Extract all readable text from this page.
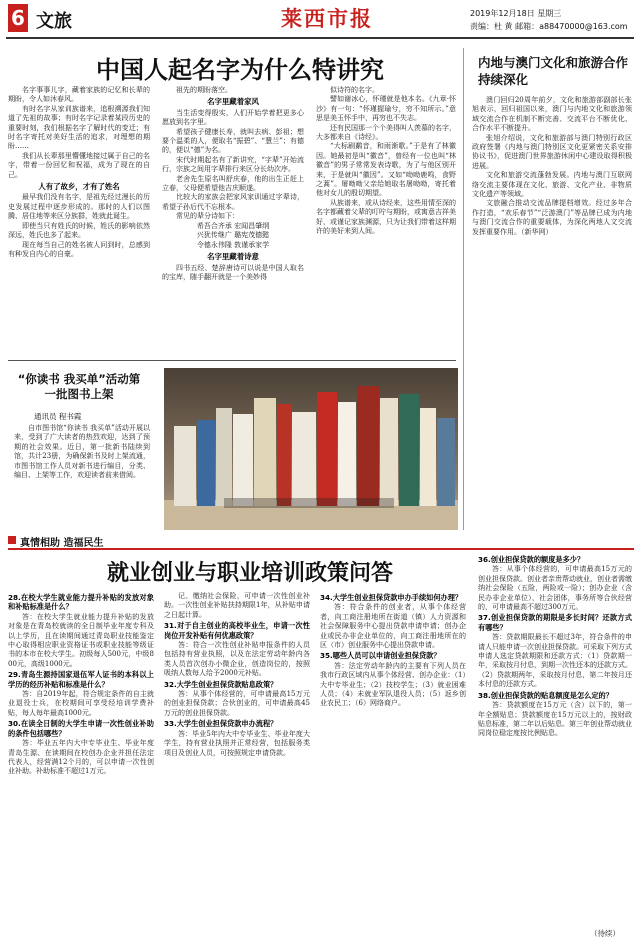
6 文旅	莱西市报	2019年12月18日 星期三
责编：杜 黄 邮箱：a88470000@163.com
中国人起名字为什么特讲究
名字事事儿字，藏着家族的记忆和长辈的期盼，令人如沐春风。
有时名字从家训族谱来，追根溯源我们知道了先祖的故事；有时名字记录着某段历史的重要时刻，我们根据名字了解时代的变迁；有时名字寄托对美好生活的追求，对理想的期盼……
我们从长辈那里懵懂地接过属于自己的名字，带着一份回忆和祝福，成为了现在的自己。
人有了故乡，才有了姓名
最早我们没有名字，是祖先经过漫长的历史发展过程中逐步形成的。那时的人们以图腾、居住地等来区分族群，姓就此诞生。
即使当只有姓氏的时候，姓氏的影响依然深远，姓氏也多了起来。
现在每当自己的姓名被人问到时，总感到有种发自内心的自豪。
祖先的期盼落空。
名字里藏着家风
当生活变得殷实，人们开始学着把更多心愿放到名字里。
希望孩子健康长寿，就叫去病、彭祖；想要个温柔的人，便取名“振碧”、“慧兰”；有德的，便以“德”为名。
宋代时期起名有了新讲究，“字辈”开始流行，宗族之间用字辈排行来区分长幼次序。
老舍先生原名叫舒庆春，他的出生正赶上立春，父母便希望他吉庆顺遂。
比较大的家族会把家风家训通过字辈诗，希望子孙后代不忘根本。
常见的辈分诗如下：
希吾合齐承 宏闻昌肇纲
兴犹传继广 璐宪茂德懿
令德永伟隆 敦谨承家学
名字里藏着诗意
四书五经、楚辞唐诗可以说是中国人取名的宝库，随手翻开就是一个美妙得
似诗符的名字。
譬如谢冰心，怀瑾就是他本名。《九章·怀沙》有一句：“怀瑾握瑜兮，穷不知所示。”意思是美玉怀手中，再穷也不失志。
还有民国那一个个美得叫人羡慕的名字，大多都来自《诗经》。
“大标刷鹬音，和雨渐歌。”于是有了林徽因。她最初是叫“徽音”，曾经有一位也叫“林徽音”的男子常常发表诗歌，为了与他区别开来，于是就叫“徽因”。又如“呦呦鹿鸣，食野之蒿”。屠呦呦父亲给她取名屠呦呦，寄托着他对女儿的殷切期望。
从族谱来，或从诗经来，这些用情至深的名字都藏着父辈的叮咛与期盼，或寓意吉祥美好，或谨记家族渊源，只为让我们带着这样期许的美好来到人间。
内地与澳门文化和旅游合作持续深化
澳门回归20周年前夕，文化和旅游部副部长张旭表示，回归祖国以来，澳门与内地文化和旅游领域交流合作在机制不断完善、交流平台不断优化、合作水平不断提升。
张旭介绍说，文化和旅游部与澳门特别行政区政府签署《内地与澳门特别区文化更紧密关系安排协议书》，促进澳门世界旅游休闲中心建设取得积极进展。
文化和旅游交流蓬勃发展。内地与澳门互联网络交流主要体现在文化、旅游、文化产业、非物质文化遗产等领域。
文旅融合推动交流品牌提档增效。经过多年合作打造，“欢乐春节”“泛游澳门”等品牌已成为内地与澳门交流合作的重要载体，为深化两地人文交流发挥重要作用。（新华网）
“你读书 我买单”活动第一批图书上架
通讯员 程书霞
自市图书馆“你读书 我买单”活动开展以来，受到了广大读者的热烈欢迎，达到了预期的社会效果。近日，第一批新书陆续到馆，共计23册，为确保新书及时上架流通，市图书馆工作人员对新书进行编目，分类、编目、上架等工作，欢迎读者前来借阅。
真情相助 造福民生
就业创业与职业培训政策问答
28.在校大学生就业能力提升补贴的发放对象和补贴标准是什么？
答：在校大学生就业能力提升补贴的发放对象是在青岛校就读的全日制毕业年度专科及以上学历，且在读期间通过青岛职业技能鉴定中心取得相应职业资格证书或职业技能等级证书的本市在校大学生。初级每人500元，中级800元，高级1000元。
29.青岛生源持国家退伍军人证书的本科以上学历的经历补贴和标准是什么？
答：自2019年起，符合规定条件的自主就业退役士兵，在校期间可享受经培训学费补贴，每人每年最高1000元。
30.在读全日制的大学生申请一次性创业补助的条件包括哪些？
答：毕业五年内大中专毕业生、毕业年度青岛生源、在读期间在校创办企业并担任法定代表人，经营满12个月的，可以申请一次性创业补助。补助标准不超过1万元。
记、缴纳社会保险，可申请一次性创业补助。一次性创业补贴扶持期限1年，从补贴申请之日起计算。
31.对于自主创业的高校毕业生，申请一次性岗位开发补贴有何优惠政策？
答：符合一次性创业补贴申报条件的人员包括持有营业执照，以及在法定劳动年龄内各类人员首次创办小微企业，创造岗位的，按照吸纳人数每人给予2000元补贴。
32.大学生创业担保贷款贴息政策？
答：从事个体经营的，可申请最高15万元的创业担保贷款；合伙创业的，可申请最高45万元的创业担保贷款。
33.大学生创业担保贷款申办流程？
答：毕业5年内大中专毕业生、毕业年度大学生，持有营业执照并正常经营，包括服务类项目及创业人员，可按照规定申请贷款。
34.大学生创业担保贷款申办手续如何办理？
答：符合条件的创业者，从事个体经营者，向工商注册地所在街道（镇）人力资源和社会保障服务中心提出贷款申请申请；创办企业或民办非企业单位的，向工商注册地所在的区（市）创业服务中心提出贷款申请。
35.哪些人员可以申请创业担保贷款？
答：法定劳动年龄内的主要有下列人员在我市行政区域内从事个体经营、创办企业：（1）大中专毕业生；（2）技校学生；（3）就业困难人员；（4）未就业军队退役人员；（5）返乡创业农民工；（6）网络商户。
36.创业担保贷款的额度是多少？
答：从事个体经营的，可申请最高15万元的创业担保贷款。创业者亲贵帮动就业，创业者需缴纳社会保险（五险，两险或一险）；创办企业（含民办非企业单位），社会团体，事务所等合伙经营的，可申请最高不超过300万元。
37.创业担保贷款的期限是多长时间？还款方式有哪些？
答：贷款期限最长不超过3年，符合条件的申请人只能申请一次创业担保贷款。可采取下列方式申请人选定贷款期限和还款方式：（1）贷款期一年，采取按月付息，到期一次性还本的还款方式。（2）贷款期两年，采取按月付息，第二年按月还本付息的还款方式。
38.创业担保贷款的贴息额度是怎么定的？
答：贷款额度在15万元（含）以下的，第一年全额贴息；贷款额度在15万元以上的，按财政贴息标准，第二年以后贴息。第三年创业帮动就业同岗位稳定度按比例贴息。
（待续）
